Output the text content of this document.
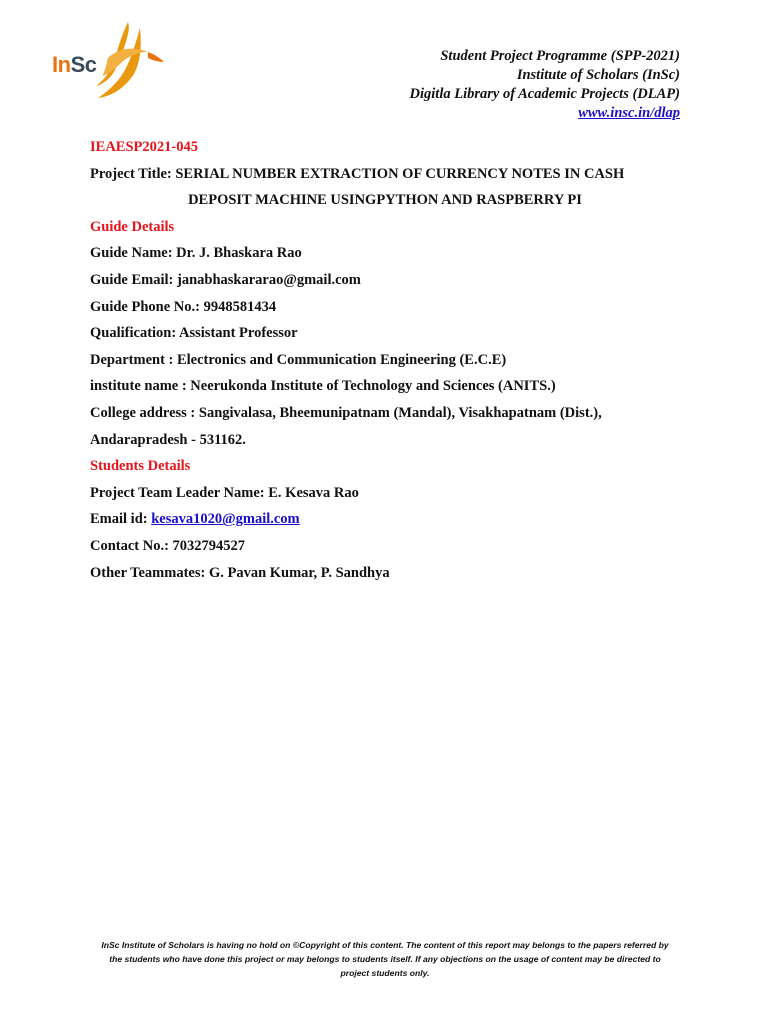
InSc	Student Project Programme (SPP-2021)
Institute of Scholars (InSc)
Digitla Library of Academic Projects (DLAP)
www.insc.in/dlap
IEAESP2021-045
Project Title: SERIAL NUMBER EXTRACTION OF CURRENCY NOTES IN CASH
DEPOSIT MACHINE USINGPYTHON AND RASPBERRY PI
Guide Details
Guide Name: Dr. J. Bhaskara Rao
Guide Email: janabhaskararao@gmail.com
Guide Phone No.: 9948581434
Qualification: Assistant Professor
Department : Electronics and Communication Engineering (E.C.E)
institute name : Neerukonda Institute of Technology and Sciences (ANITS.)
College address : Sangivalasa, Bheemunipatnam (Mandal), Visakhapatnam (Dist.),
Andarapradesh - 531162.
Students Details
Project Team Leader Name: E. Kesava Rao
Email id: kesava1020@gmail.com
Contact No.: 7032794527
Other Teammates: G. Pavan Kumar, P. Sandhya
InSc Institute of Scholars is having no hold on ©Copyright of this content. The content of this report may belongs to the papers referred by
the students who have done this project or may belongs to students itself. If any objections on the usage of content may be directed to
project students only.
